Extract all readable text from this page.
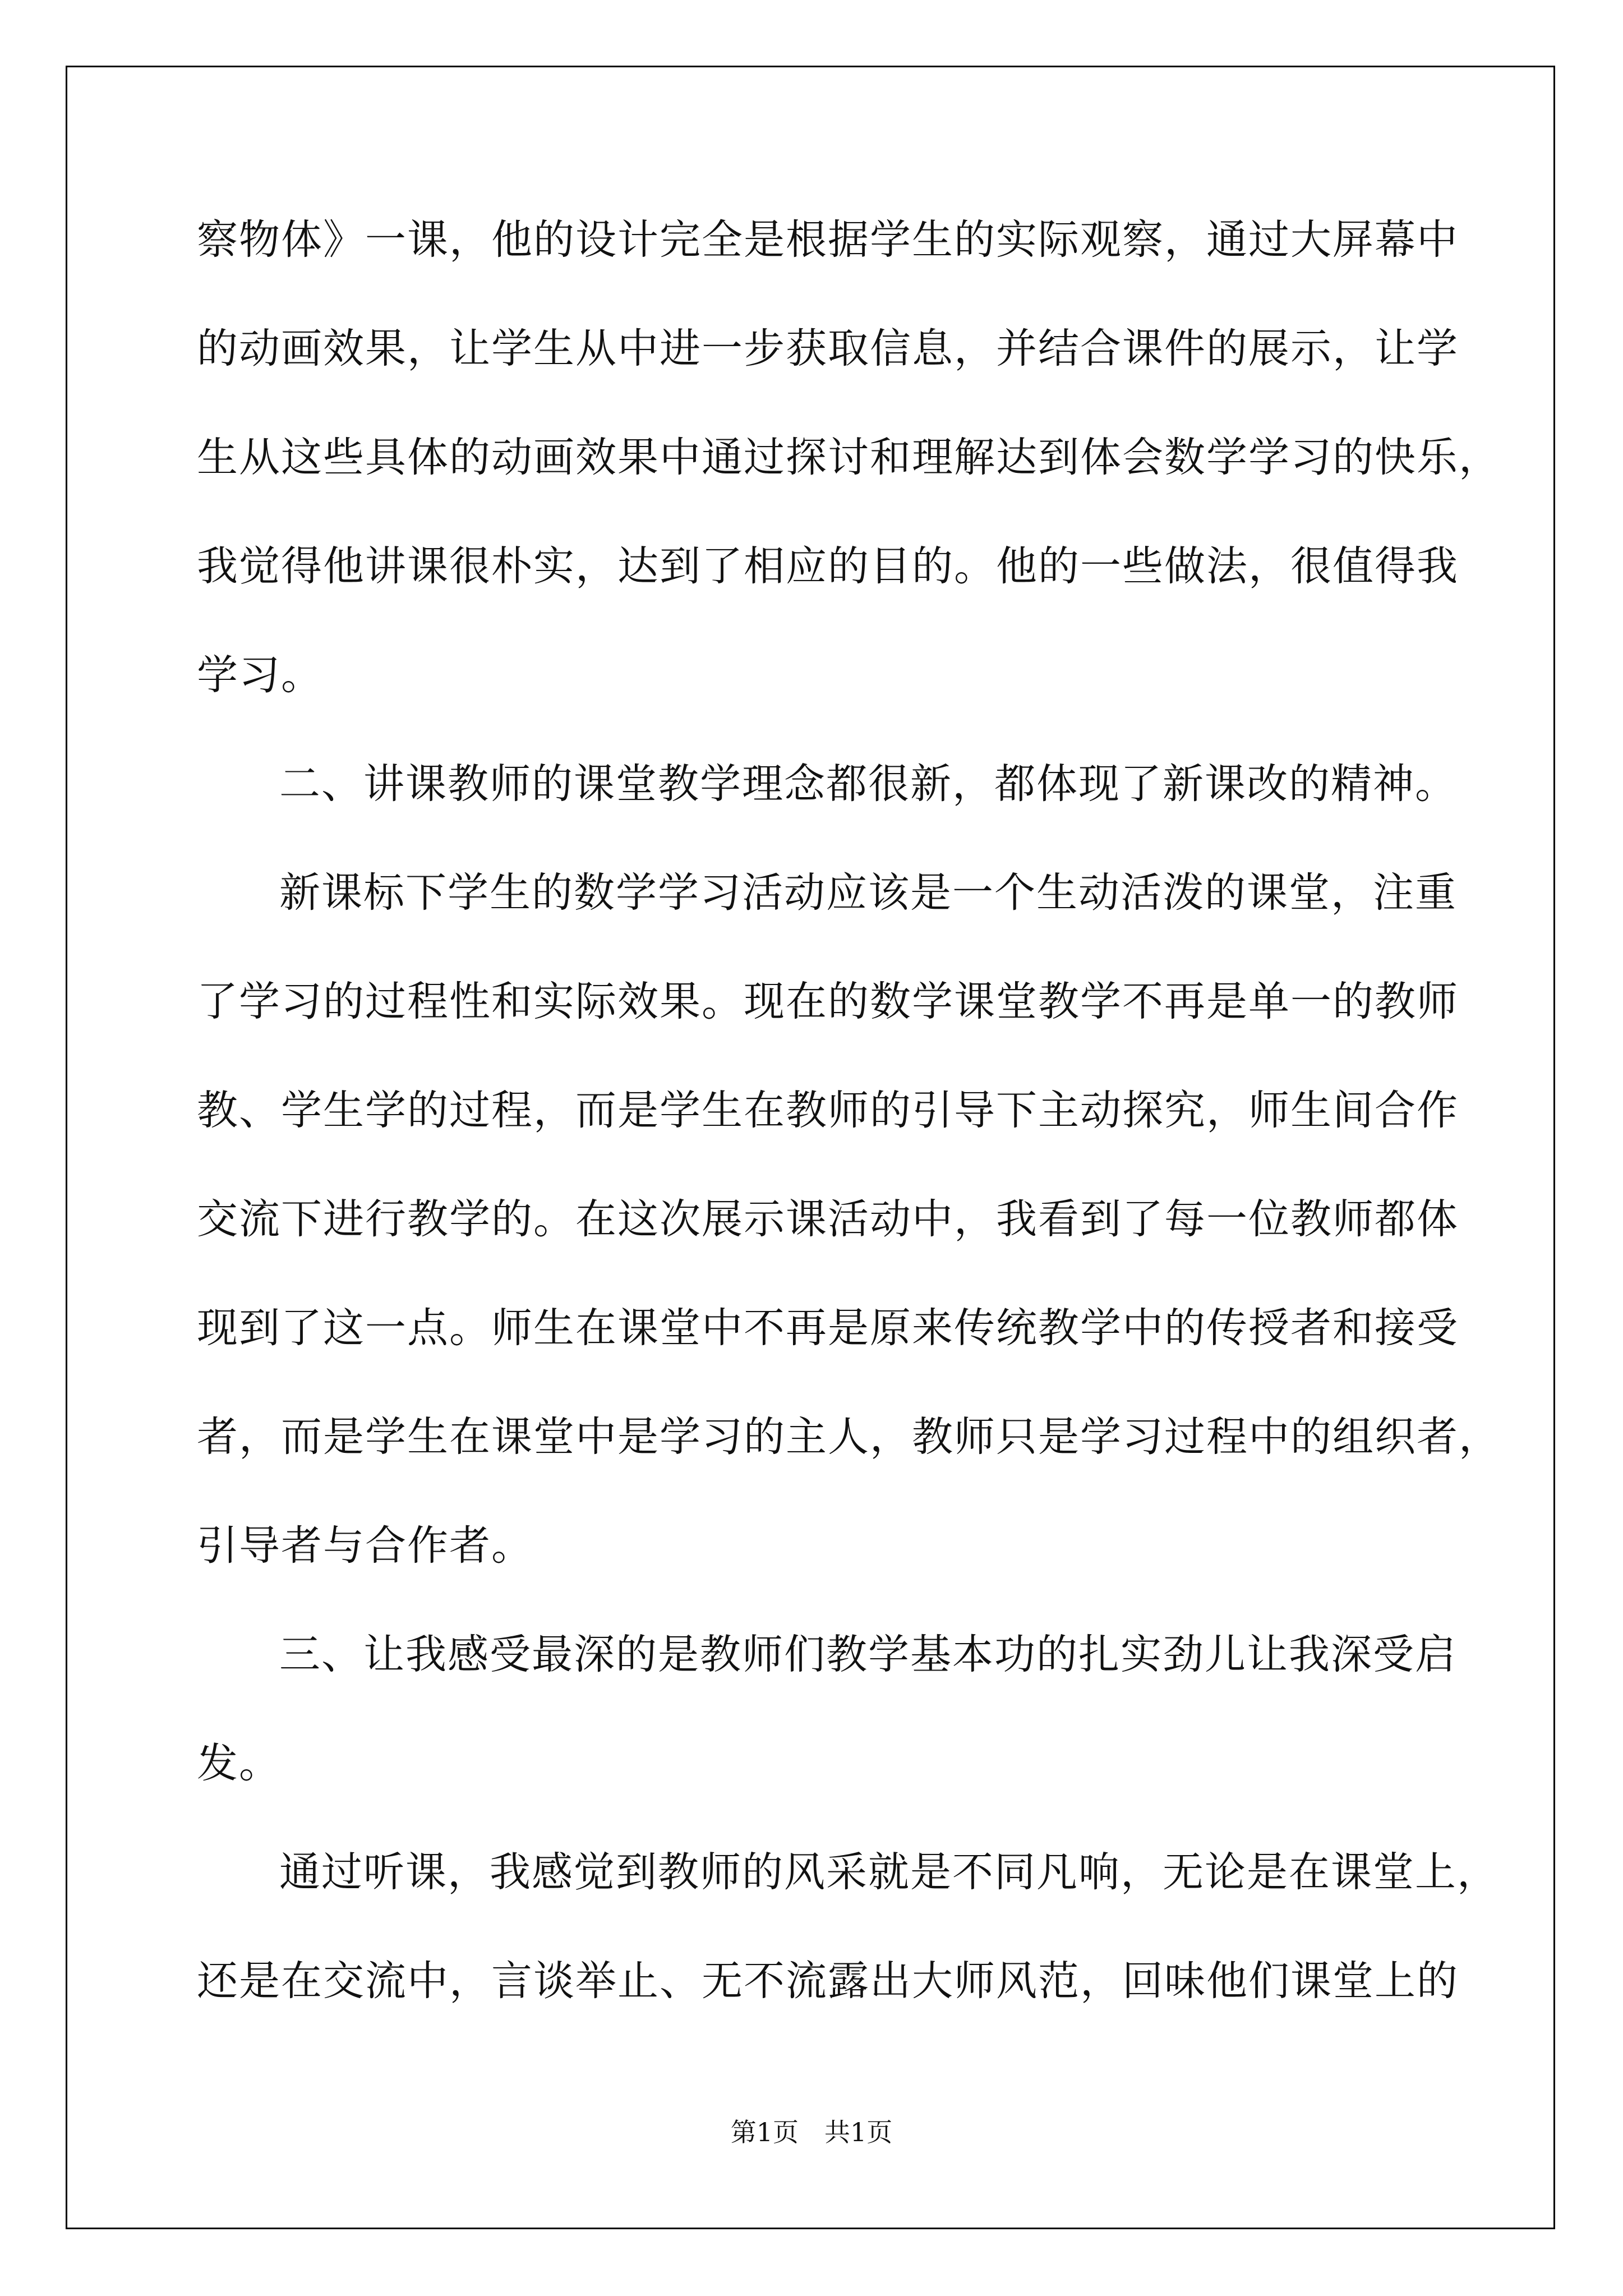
察物体》一课，他的设计完全是根据学生的实际观察，通过大屏幕中
的动画效果，让学生从中进一步获取信息，并结合课件的展示，让学
生从这些具体的动画效果中通过探讨和理解达到体会数学学习的快乐，
我觉得他讲课很朴实，达到了相应的目的。他的一些做法，很值得我
学习。
二、讲课教师的课堂教学理念都很新，都体现了新课改的精神。
新课标下学生的数学学习活动应该是一个生动活泼的课堂，注重
了学习的过程性和实际效果。现在的数学课堂教学不再是单一的教师
教、学生学的过程，而是学生在教师的引导下主动探究，师生间合作
交流下进行教学的。在这次展示课活动中，我看到了每一位教师都体
现到了这一点。师生在课堂中不再是原来传统教学中的传授者和接受
者，而是学生在课堂中是学习的主人，教师只是学习过程中的组织者，
引导者与合作者。
三、让我感受最深的是教师们教学基本功的扎实劲儿让我深受启
发。
通过听课，我感觉到教师的风采就是不同凡响，无论是在课堂上，
还是在交流中，言谈举止、无不流露出大师风范，回味他们课堂上的
第1页　共1页
